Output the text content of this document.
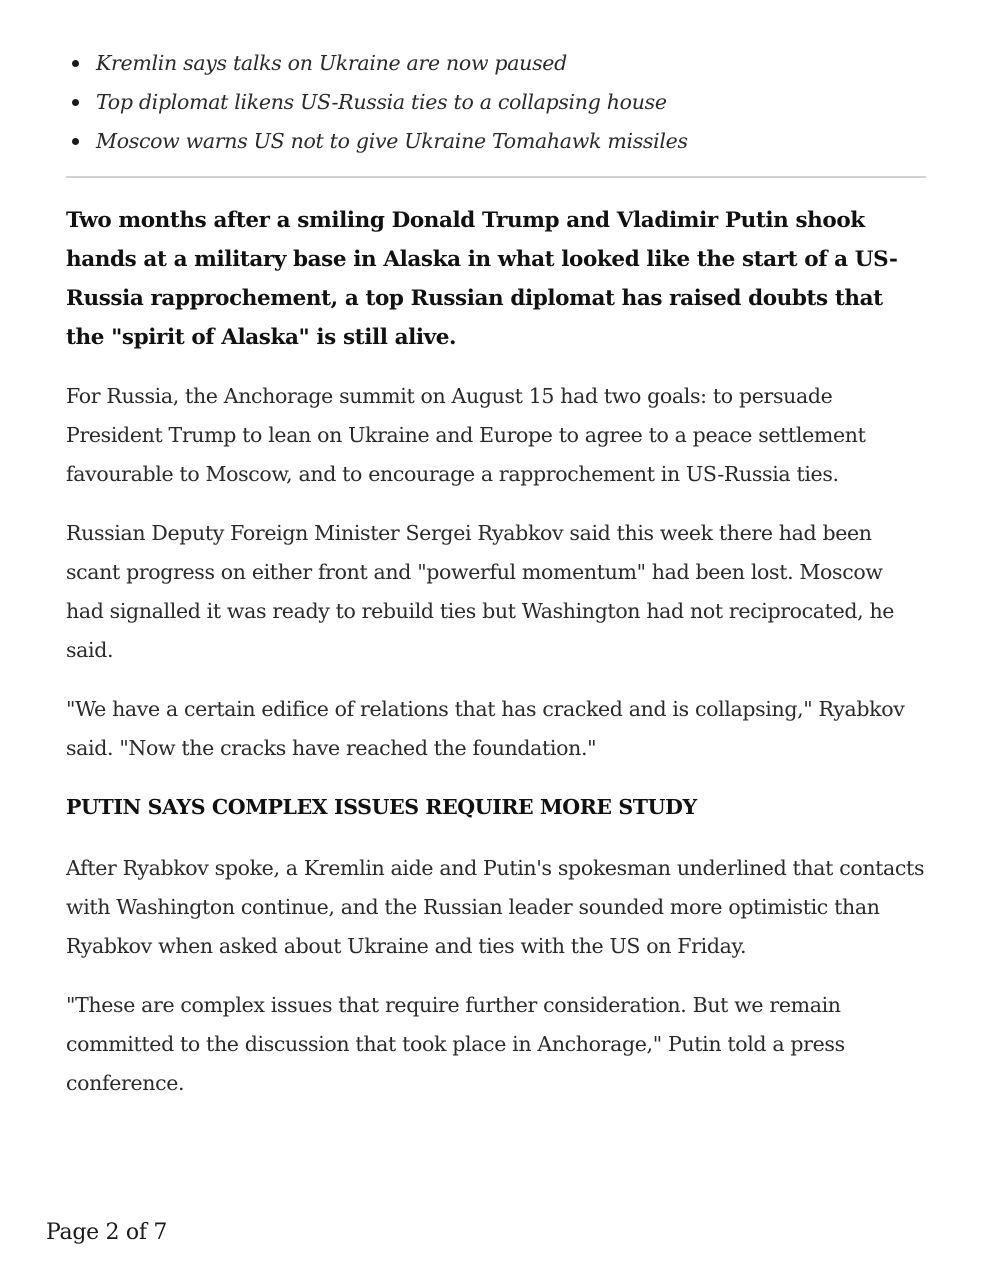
Kremlin says talks on Ukraine are now paused
Top diplomat likens US-Russia ties to a collapsing house
Moscow warns US not to give Ukraine Tomahawk missiles

Two months after a smiling Donald Trump and Vladimir Putin shook hands at a military base in Alaska in what looked like the start of a US-Russia rapprochement, a top Russian diplomat has raised doubts that the "spirit of Alaska" is still alive.

For Russia, the Anchorage summit on August 15 had two goals: to persuade President Trump to lean on Ukraine and Europe to agree to a peace settlement favourable to Moscow, and to encourage a rapprochement in US-Russia ties.

Russian Deputy Foreign Minister Sergei Ryabkov said this week there had been scant progress on either front and "powerful momentum" had been lost. Moscow had signalled it was ready to rebuild ties but Washington had not reciprocated, he said.

"We have a certain edifice of relations that has cracked and is collapsing," Ryabkov said. "Now the cracks have reached the foundation."

PUTIN SAYS COMPLEX ISSUES REQUIRE MORE STUDY

After Ryabkov spoke, a Kremlin aide and Putin's spokesman underlined that contacts with Washington continue, and the Russian leader sounded more optimistic than Ryabkov when asked about Ukraine and ties with the US on Friday.

"These are complex issues that require further consideration. But we remain committed to the discussion that took place in Anchorage," Putin told a press conference.

Page 2 of 7
